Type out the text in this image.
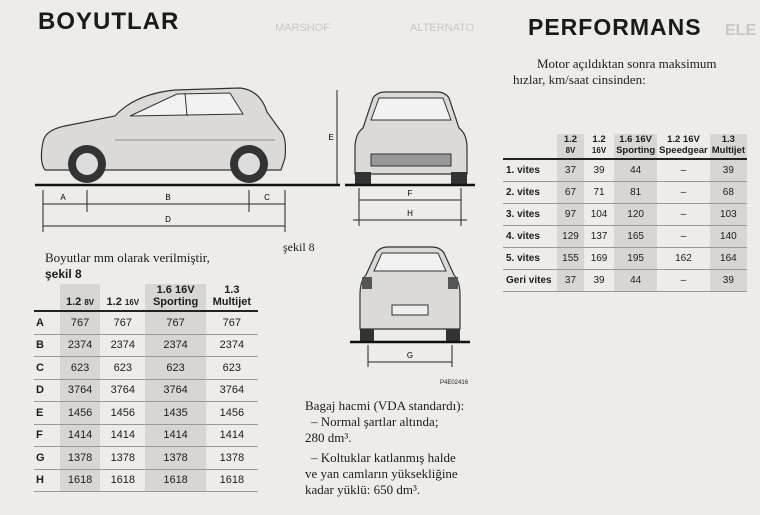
MARSHOF	ALTERNATO	ELE
BOYUTLAR	PERFORMANS
A	B	C
D
E
F
H
G
P4E02416
şekil 8
Boyutlar mm olarak verilmiştir,
şekil 8

1.2 8V	1.2 16V	1.6 16V
Sporting	1.3
Multijet
A	767	767	767	767
B	2374	2374	2374	2374
C	623	623	623	623
D	3764	3764	3764	3764
E	1456	1456	1435	1456
F	1414	1414	1414	1414
G	1378	1378	1378	1378
H	1618	1618	1618	1618
Bagaj hacmi (VDA standardı):
– Normal şartlar altında;
280 dm³.
– Koltuklar katlanmış halde
ve yan camların yüksekliğine
kadar yüklü: 650 dm³.
Motor açıldıktan sonra maksimum
hızlar, km/saat cinsinden:

1.2 8V	1.2 16V	1.6 16V
Sporting	1.2 16V
Speedgear	1.3
Multijet
1. vites	37	39	44	–	39
2. vites	67	71	81	–	68
3. vites	97	104	120	–	103
4. vites	129	137	165	–	140
5. vites	155	169	195	162	164
Geri vites	37	39	44	–	39
